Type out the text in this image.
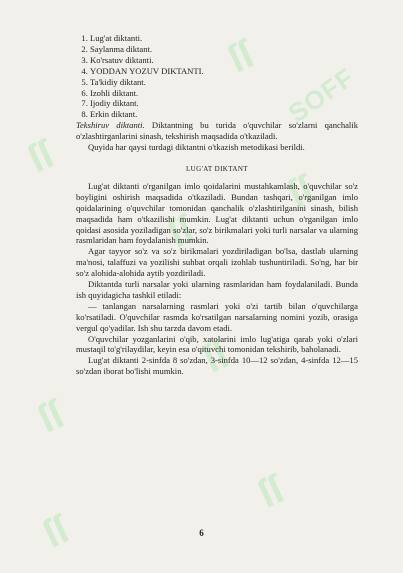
ſſ
ſſ
SOFF
ſſ
ſſ
ſſ
ſſ
ſſ
ſſ
1. Lug'at diktanti.
2. Saylanma diktant.
3. Ko'rsatuv diktanti.
4. YODDAN YOZUV DIKTANTI.
5. Ta'kidiy diktant.
6. Izohli diktant.
7. Ijodiy diktant.
8. Erkin diktant.

Tekshiruv diktanti. Diktantning bu turida o'quvchilar so'zlarni qanchalik o'zlashtirganlarini sinash, tekshirish maqsadida o'tkaziladi.

Quyida har qaysi turdagi diktantni o'tkazish metodikasi berildi.

LUG'AT DIKTANT

Lug'at diktanti o'rganilgan imlo qoidalarini mustahkamlash, o'quvchilar so'z boyligini oshirish maqsadida o'tkaziladi. Bundan tashqari, o'rganilgan imlo qoidalarining o'quvchilar tomonidan qanchalik o'zlashtirilganini sinash, bilish maqsadida ham o'tkazilishi mumkin. Lug'at diktanti uchun o'rganilgan imlo qoidasi asosida yoziladigan so'zlar, so'z birikmalari yoki turli narsalar va ularning rasmlaridan ham foydalanish mumkin.

Agar tayyor so'z va so'z birikmalari yozdiriladigan bo'lsa, dastlab ularning ma'nosi, talaffuzi va yozilishi suhbat orqali izohlab tushuntiriladi. So'ng, har bir so'z alohida-alohida aytib yozdiriladi.

Diktantda turli narsalar yoki ularning rasmlaridan ham foydalaniladi. Bunda ish quyidagicha tashkil etiladi:

— tanlangan narsalarning rasmlari yoki o'zi tartib bilan o'quvchilarga ko'rsatiladi. O'quvchilar rasmda ko'rsatilgan narsalarning nomini yozib, orasiga vergul qo'yadilar. Ish shu tarzda davom etadi.

O'quvchilar yozganlarini o'qib, xatolarini imlo lug'atiga qarab yoki o'zlari mustaqil to'g'rilaydilar, keyin esa o'qituvchi tomonidan tekshirib, baholanadi.

Lug'at diktanti 2-sinfda 8 so'zdan, 3-sinfda 10—12 so'zdan, 4-sinfda 12—15 so'zdan iborat bo'lishi mumkin.

6
